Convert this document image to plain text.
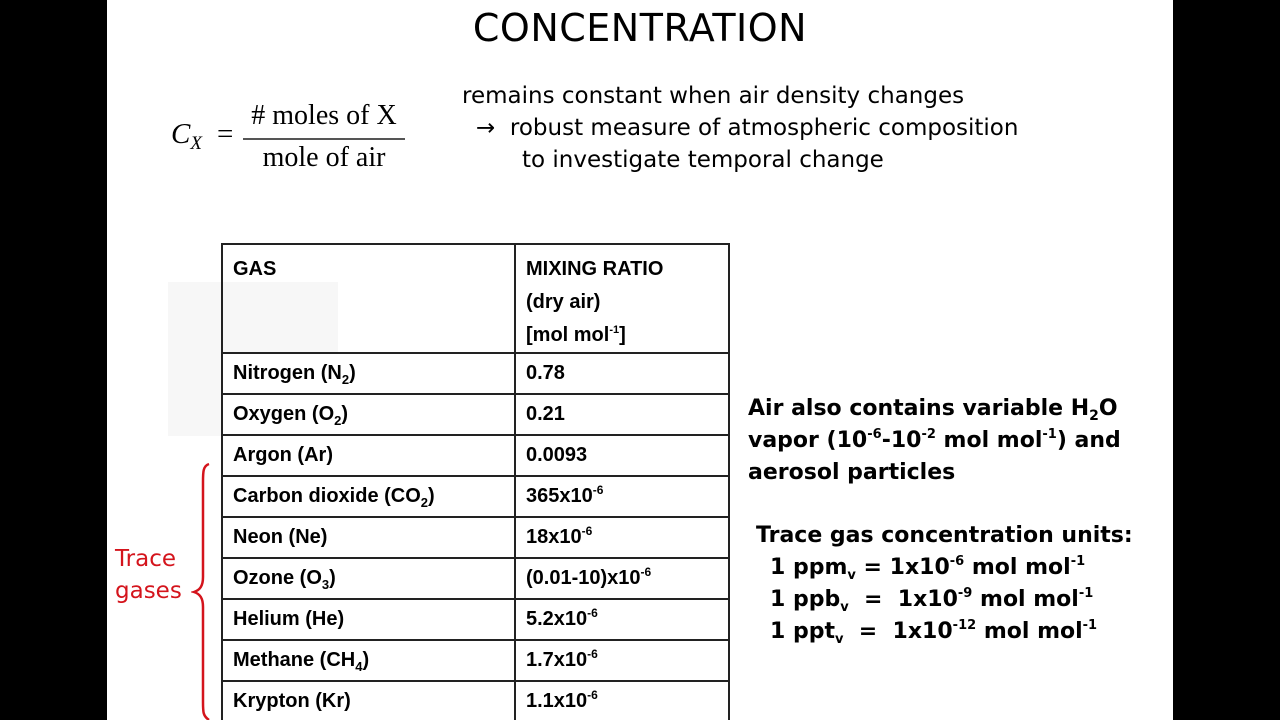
CONCENTRATION
$C_X$ =
# moles of X
mole of air
remains constant when air density changes
→ robust measure of atmospheric composition
to investigate temporal change
GAS	MIXING RATIO
(dry air)
[mol mol$^{-1}$]

Nitrogen $(N_2)$	0.78
Oxygen $(O_2)$	0.21
Argon (Ar)	0.0093
Carbon dioxide $(CO_2)$	$365x10^{-6}$
Neon (Ne)	$18x10^{-6}$
Ozone $(O_3)$	$(0.01-10)x10^{-6}$
Helium (He)	$5.2x10^{-6}$
Methane $(CH_4)$	$1.7x10^{-6}$
Krypton (Kr)	$1.1x10^{-6}$
Trace
gases
Air also contains variable $H_2O$
vapor ($10^{-6}-10^{-2}$ mol mol$^{-1}$) and
aerosol particles
Trace gas concentration units:
1 $ppm_v = 1x10^{-6}$ mol mol$^{-1}$
1 $ppb_v = 1x10^{-9}$ mol mol$^{-1}$
1 $ppt_v = 1x10^{-12}$ mol mol$^{-1}$
